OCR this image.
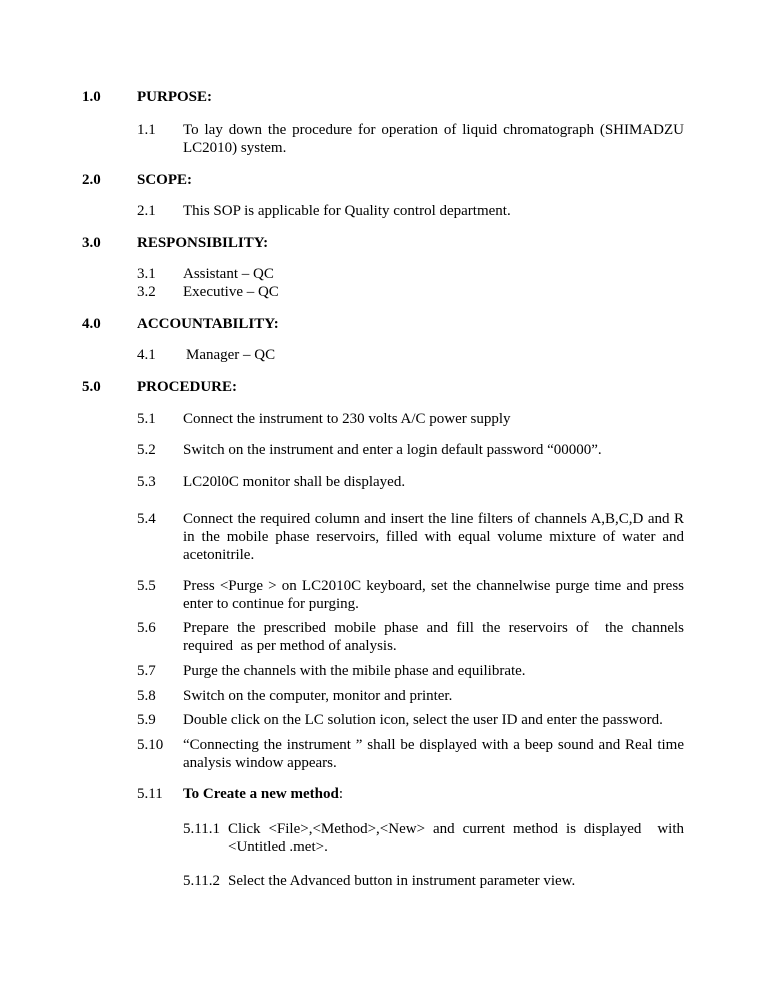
1.0 PURPOSE:
2.0 SCOPE:
3.0 RESPONSIBILITY:
4.0 ACCOUNTABILITY:
5.0 PROCEDURE:
1.1 To lay down the procedure for operation of liquid chromatograph (SHIMADZU LC2010) system.
2.1 This SOP is applicable for Quality control department.
3.1 Assistant – QC
3.2 Executive – QC
4.1 Manager – QC
5.1 Connect the instrument to 230 volts A/C power supply
5.2 Switch on the instrument and enter a login default password “00000”.
5.3 LC20l0C monitor shall be displayed.
5.4 Connect the required column and insert the line filters of channels A,B,C,D and R in the mobile phase reservoirs, filled with equal volume mixture of water and acetonitrile.
5.5 Press <Purge > on LC2010C keyboard, set the channelwise purge time and press enter to continue for purging.
5.6 Prepare the prescribed mobile phase and fill the reservoirs of  the channels required  as per method of analysis.
5.7 Purge the channels with the mibile phase and equilibrate.
5.8 Switch on the computer, monitor and printer.
5.9 Double click on the LC solution icon, select the user ID and enter the password.
5.10 “Connecting the instrument ” shall be displayed with a beep sound and Real time analysis window appears.
5.11 To Create a new method:
5.11.1 Click <File>,<Method>,<New> and current method is displayed  with <Untitled .met>.
5.11.2 Select the Advanced button in instrument parameter view.
